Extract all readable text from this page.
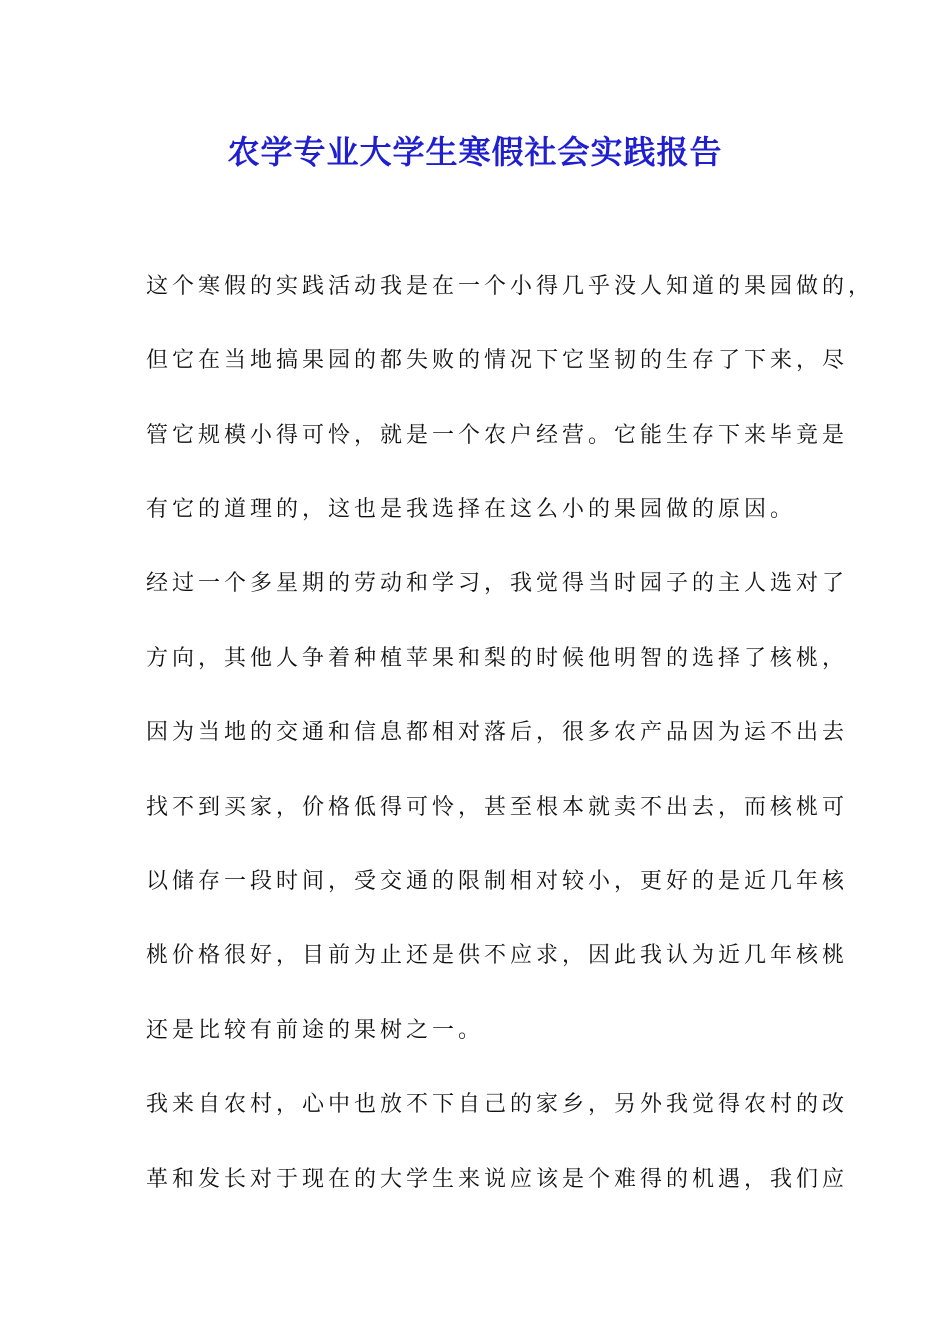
农学专业大学生寒假社会实践报告
这个寒假的实践活动我是在一个小得几乎没人知道的果园做的，
但它在当地搞果园的都失败的情况下它坚韧的生存了下来，尽
管它规模小得可怜，就是一个农户经营。它能生存下来毕竟是
有它的道理的，这也是我选择在这么小的果园做的原因。
经过一个多星期的劳动和学习，我觉得当时园子的主人选对了
方向，其他人争着种植苹果和梨的时候他明智的选择了核桃，
因为当地的交通和信息都相对落后，很多农产品因为运不出去
找不到买家，价格低得可怜，甚至根本就卖不出去，而核桃可
以储存一段时间，受交通的限制相对较小，更好的是近几年核
桃价格很好，目前为止还是供不应求，因此我认为近几年核桃
还是比较有前途的果树之一。
我来自农村，心中也放不下自己的家乡，另外我觉得农村的改
革和发长对于现在的大学生来说应该是个难得的机遇，我们应
